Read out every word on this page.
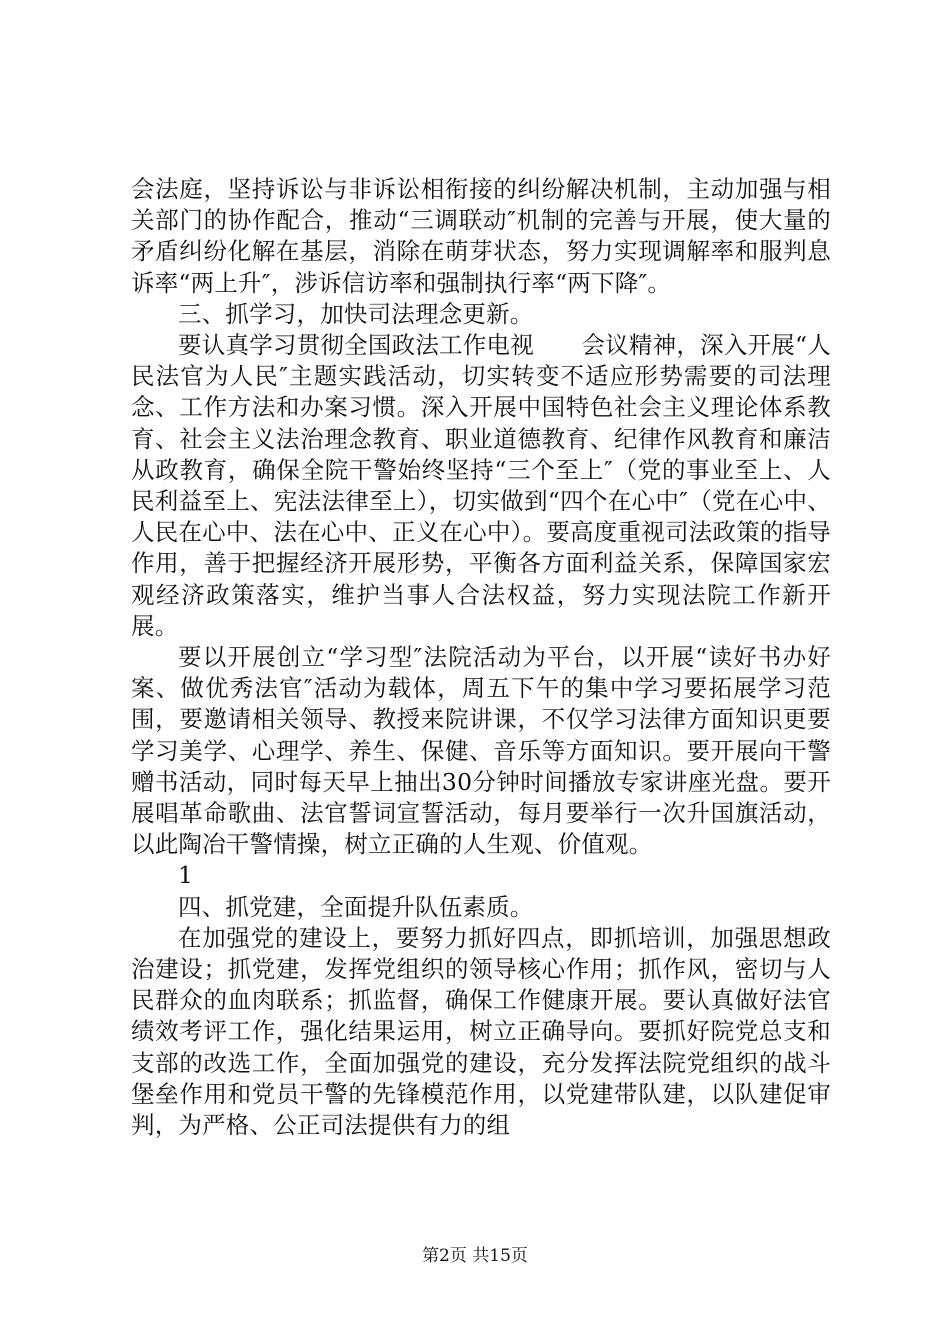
会法庭，坚持诉讼与非诉讼相衔接的纠纷解决机制，主动加强与相关部门的协作配合，推动“三调联动″机制的完善与开展，使大量的矛盾纠纷化解在基层，消除在萌芽状态，努力实现调解率和服判息诉率“两上升″，涉诉信访率和强制执行率“两下降″。

三、抓学习，加快司法理念更新。

要认真学习贯彻全国政法工作电视　　会议精神，深入开展“人民法官为人民″主题实践活动，切实转变不适应形势需要的司法理念、工作方法和办案习惯。深入开展中国特色社会主义理论体系教育、社会主义法治理念教育、职业道德教育、纪律作风教育和廉洁从政教育，确保全院干警始终坚持“三个至上″（党的事业至上、人民利益至上、宪法法律至上），切实做到“四个在心中″（党在心中、人民在心中、法在心中、正义在心中）。要高度重视司法政策的指导作用，善于把握经济开展形势，平衡各方面利益关系，保障国家宏观经济政策落实，维护当事人合法权益，努力实现法院工作新开展。

要以开展创立“学习型″法院活动为平台，以开展“读好书办好案、做优秀法官″活动为载体，周五下午的集中学习要拓展学习范围，要邀请相关领导、教授来院讲课，不仅学习法律方面知识更要学习美学、心理学、养生、保健、音乐等方面知识。要开展向干警赠书活动，同时每天早上抽出30分钟时间播放专家讲座光盘。要开展唱革命歌曲、法官誓词宣誓活动，每月要举行一次升国旗活动，以此陶冶干警情操，树立正确的人生观、价值观。

1

四、抓党建，全面提升队伍素质。

在加强党的建设上，要努力抓好四点，即抓培训，加强思想政治建设；抓党建，发挥党组织的领导核心作用；抓作风，密切与人民群众的血肉联系；抓监督，确保工作健康开展。要认真做好法官绩效考评工作，强化结果运用，树立正确导向。要抓好院党总支和支部的改选工作，全面加强党的建设，充分发挥法院党组织的战斗堡垒作用和党员干警的先锋模范作用，以党建带队建，以队建促审判，为严格、公正司法提供有力的组

第2页 共15页
